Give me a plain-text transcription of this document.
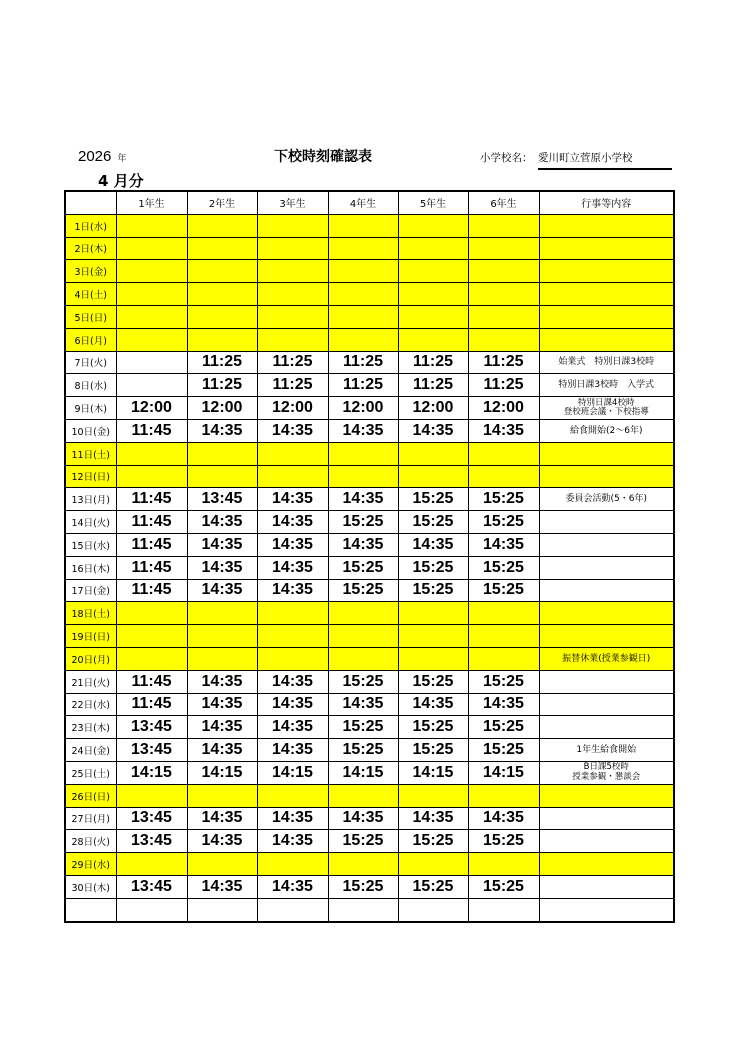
2026 年
4 月分
下校時刻確認表	小学校名： 愛川町立菅原小学校
	1年生	2年生	3年生	4年生	5年生	6年生	行事等内容
1日(水)							
2日(木)							
3日(金)							
4日(土)							
5日(日)							
6日(月)							
7日(火)		11:25	11:25	11:25	11:25	11:25	始業式　特別日課3校時
8日(水)		11:25	11:25	11:25	11:25	11:25	特別日課3校時　入学式
9日(木)	12:00	12:00	12:00	12:00	12:00	12:00	特別日課4校時
登校班会議・下校指導
10日(金)	11:45	14:35	14:35	14:35	14:35	14:35	給食開始(2～6年)
11日(土)							
12日(日)							
13日(月)	11:45	13:45	14:35	14:35	15:25	15:25	委員会活動(5・6年)
14日(火)	11:45	14:35	14:35	15:25	15:25	15:25	
15日(水)	11:45	14:35	14:35	14:35	14:35	14:35	
16日(木)	11:45	14:35	14:35	15:25	15:25	15:25	
17日(金)	11:45	14:35	14:35	15:25	15:25	15:25	
18日(土)							
19日(日)							
20日(月)							振替休業(授業参観日)
21日(火)	11:45	14:35	14:35	15:25	15:25	15:25	
22日(水)	11:45	14:35	14:35	14:35	14:35	14:35	
23日(木)	13:45	14:35	14:35	15:25	15:25	15:25	
24日(金)	13:45	14:35	14:35	15:25	15:25	15:25	1年生給食開始
25日(土)	14:15	14:15	14:15	14:15	14:15	14:15	B日課5校時
授業参観・懇談会
26日(日)							
27日(月)	13:45	14:35	14:35	14:35	14:35	14:35	
28日(火)	13:45	14:35	14:35	15:25	15:25	15:25	
29日(水)							
30日(木)	13:45	14:35	14:35	15:25	15:25	15:25	
